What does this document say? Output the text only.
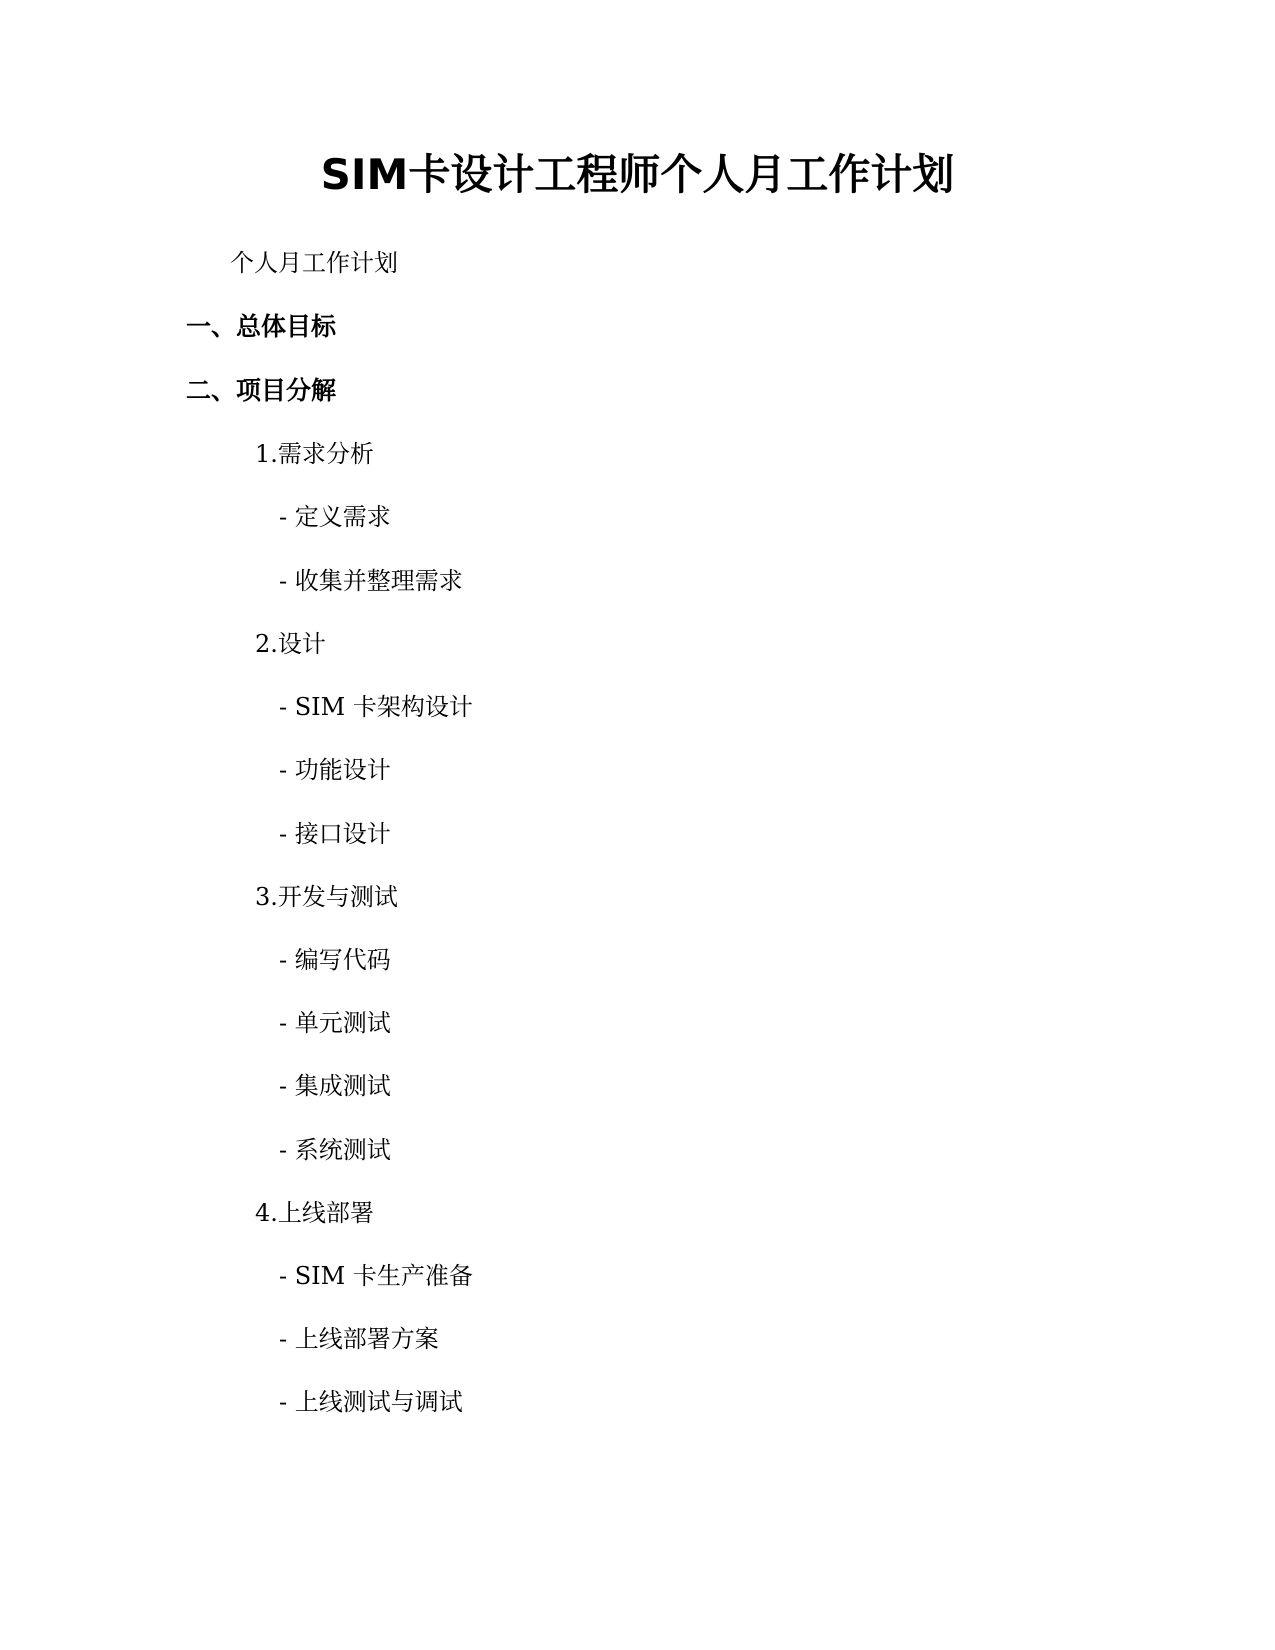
SIM卡设计工程师个人月工作计划
个人月工作计划
一、总体目标
二、项目分解
1.需求分析
- 定义需求
- 收集并整理需求
2.设计
- SIM 卡架构设计
- 功能设计
- 接口设计
3.开发与测试
- 编写代码
- 单元测试
- 集成测试
- 系统测试
4.上线部署
- SIM 卡生产准备
- 上线部署方案
- 上线测试与调试
